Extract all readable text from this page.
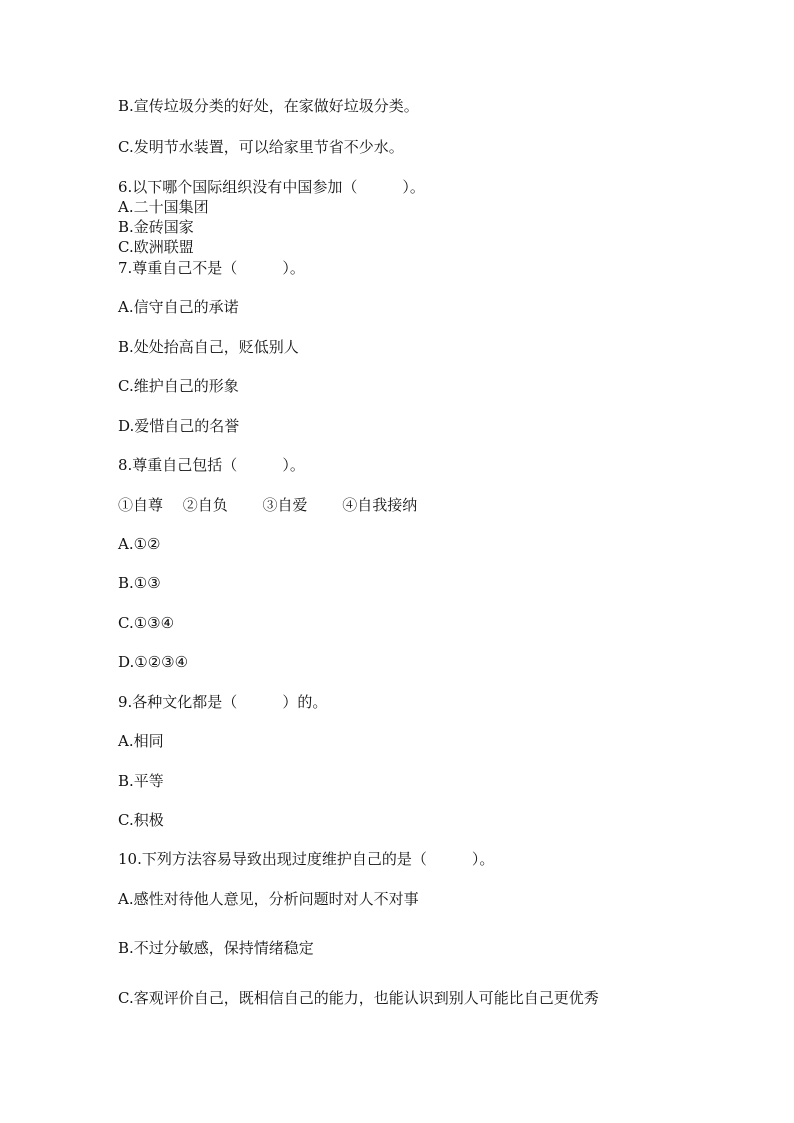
B.宣传垃圾分类的好处，在家做好垃圾分类。
C.发明节水装置，可以给家里节省不少水。
6.以下哪个国际组织没有中国参加（　　　）。
A.二十国集团
B.金砖国家
C.欧洲联盟
7.尊重自己不是（　　　）。
A.信守自己的承诺
B.处处抬高自己，贬低别人
C.维护自己的形象
D.爱惜自己的名誉
8.尊重自己包括（　　　）。
①自尊　 ②自负　　 ③自爱　　 ④自我接纳
A.①②
B.①③
C.①③④
D.①②③④
9.各种文化都是（　　　）的。
A.相同
B.平等
C.积极
10.下列方法容易导致出现过度维护自己的是（　　　）。
A.感性对待他人意见，分析问题时对人不对事
B.不过分敏感，保持情绪稳定
C.客观评价自己，既相信自己的能力，也能认识到别人可能比自己更优秀
